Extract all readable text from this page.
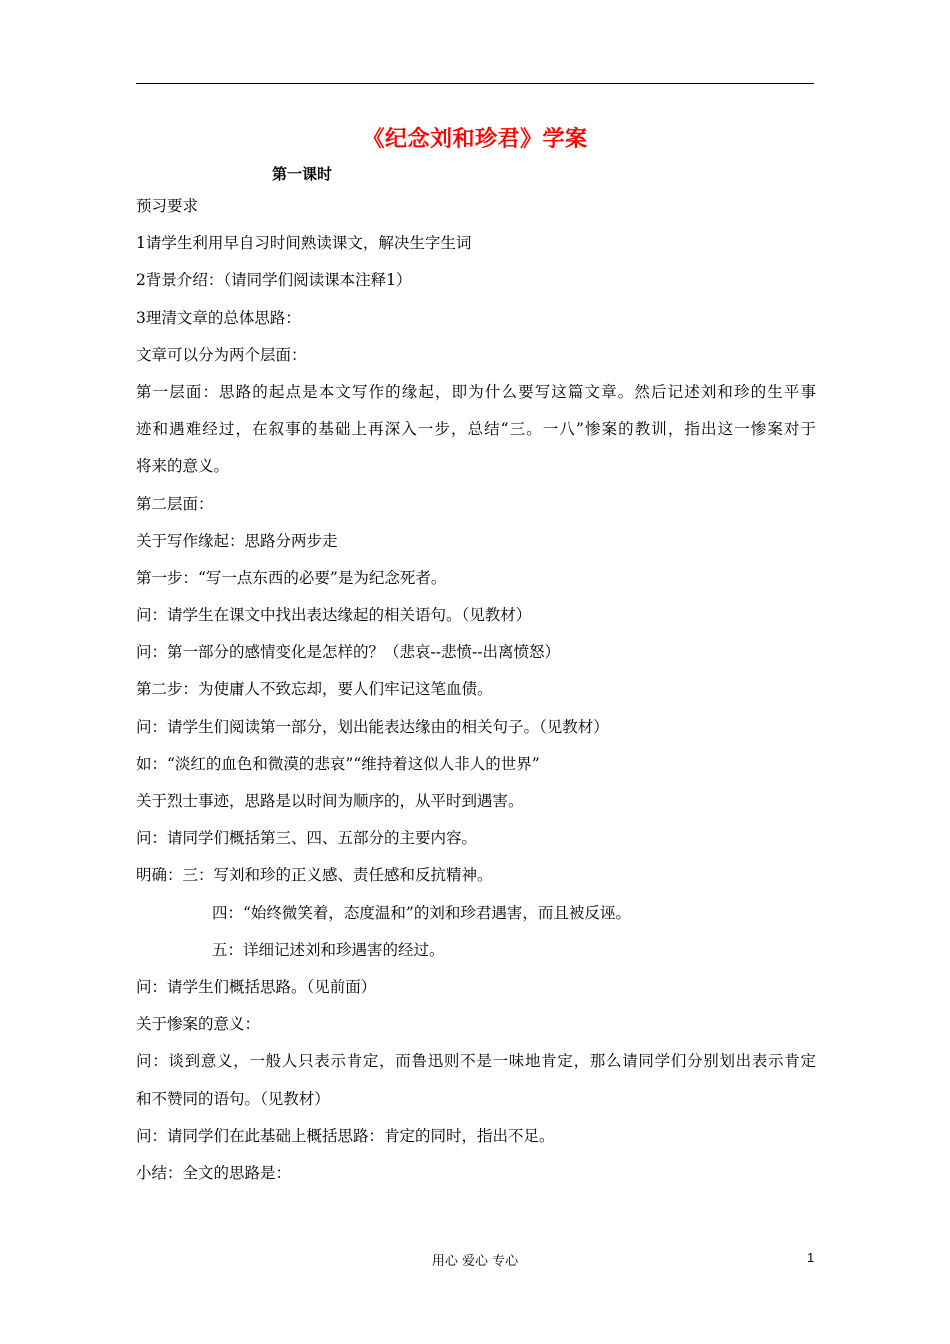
《纪念刘和珍君》学案
第一课时
预习要求
1请学生利用早自习时间熟读课文，解决生字生词
2背景介绍：（请同学们阅读课本注释1）
3理清文章的总体思路：
文章可以分为两个层面：
第一层面：思路的起点是本文写作的缘起，即为什么要写这篇文章。然后记述刘和珍的生平事
迹和遇难经过，在叙事的基础上再深入一步，总结“三。一八”惨案的教训，指出这一惨案对于
将来的意义。
第二层面：
关于写作缘起：思路分两步走
第一步：“写一点东西的必要”是为纪念死者。
问：请学生在课文中找出表达缘起的相关语句。（见教材）
问：第一部分的感情变化是怎样的？（悲哀--悲愤--出离愤怒）
第二步：为使庸人不致忘却，要人们牢记这笔血债。
问：请学生们阅读第一部分，划出能表达缘由的相关句子。（见教材）
如：“淡红的血色和微漠的悲哀”“维持着这似人非人的世界”
关于烈士事迹，思路是以时间为顺序的，从平时到遇害。
问：请同学们概括第三、四、五部分的主要内容。
明确：三：写刘和珍的正义感、责任感和反抗精神。
四：“始终微笑着，态度温和”的刘和珍君遇害，而且被反诬。
五：详细记述刘和珍遇害的经过。
问：请学生们概括思路。（见前面）
关于惨案的意义：
问：谈到意义，一般人只表示肯定，而鲁迅则不是一味地肯定，那么请同学们分别划出表示肯定
和不赞同的语句。（见教材）
问：请同学们在此基础上概括思路：肯定的同时，指出不足。
小结：全文的思路是：
用心 爱心 专心	1
